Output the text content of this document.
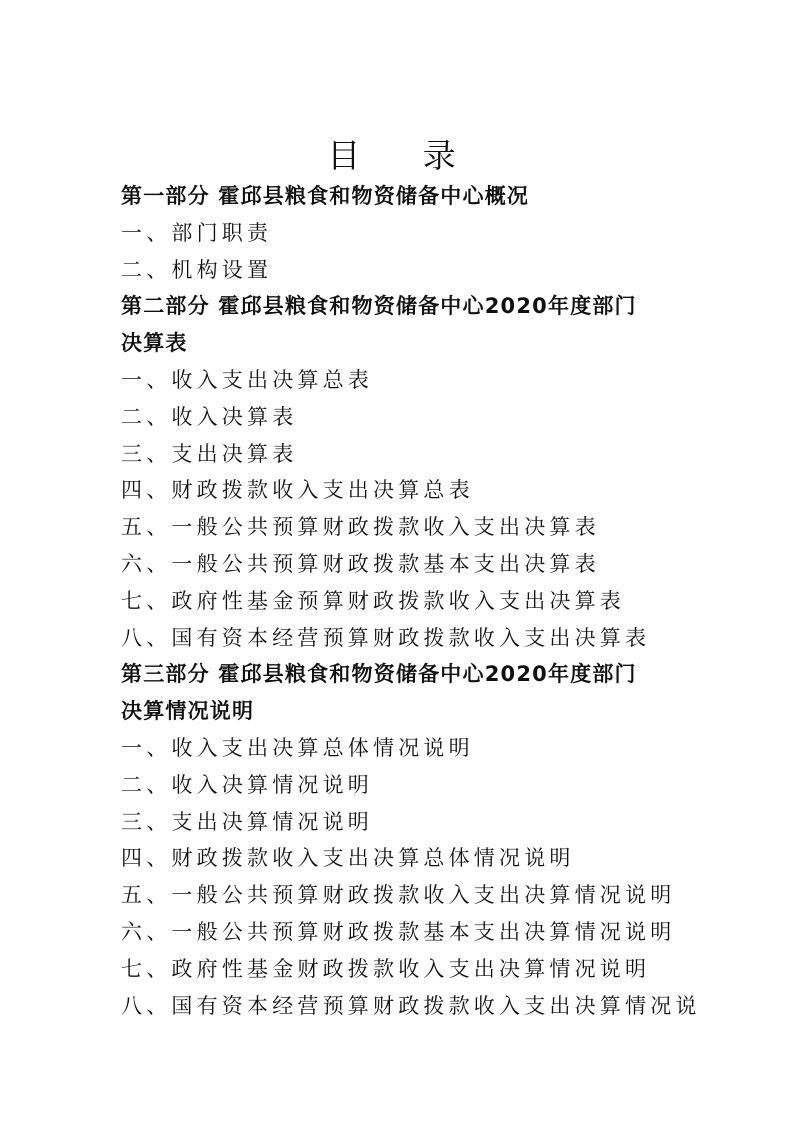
目 录
第一部分 霍邱县粮食和物资储备中心概况
一、部门职责
二、机构设置
第二部分 霍邱县粮食和物资储备中心2020年度部门
决算表
一、收入支出决算总表
二、收入决算表
三、支出决算表
四、财政拨款收入支出决算总表
五、一般公共预算财政拨款收入支出决算表
六、一般公共预算财政拨款基本支出决算表
七、政府性基金预算财政拨款收入支出决算表
八、国有资本经营预算财政拨款收入支出决算表
第三部分 霍邱县粮食和物资储备中心2020年度部门
决算情况说明
一、收入支出决算总体情况说明
二、收入决算情况说明
三、支出决算情况说明
四、财政拨款收入支出决算总体情况说明
五、一般公共预算财政拨款收入支出决算情况说明
六、一般公共预算财政拨款基本支出决算情况说明
七、政府性基金财政拨款收入支出决算情况说明
八、国有资本经营预算财政拨款收入支出决算情况说
